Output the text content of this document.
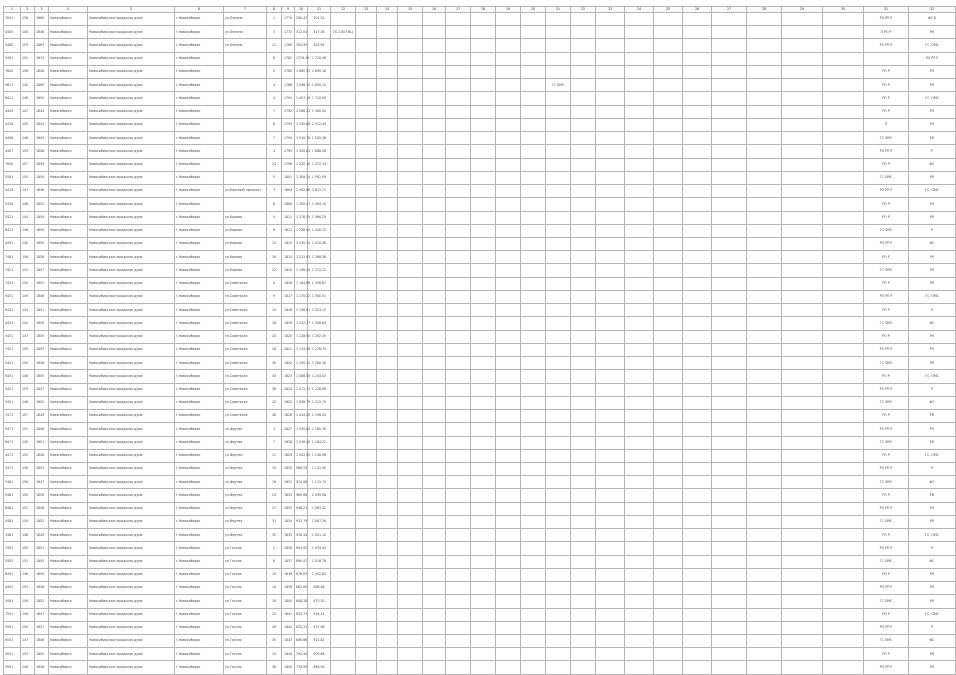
1	2	3	4	5	6	7	8	9	10	11	12	13	14	15	16	17	18	19	20	21	22	23	24	25	26	27	28	29	30	31	32
7641	158	1860	Новосибирск	Новосибирская городская дума	г.Новосибирск	ул.Ленина	1	1770	290,47	201,52																				РО РП Р	ФС Б
4400	140	1846	Новосибирск	Новосибирская городская дума	г.Новосибирск	ул.Ленина	3	1772	312,04	417,36	ПС 1007 ВЦ																			П РО Р	РК
4480	153	1863	Новосибирск	Новосибирская городская дума	г.Новосибирск	ул.Ленина	12	1780	304,95	402,65																				РО РП Р	ГС, ОМС
3491	151	1874	Новосибирск	Новосибирская городская дума	г.Новосибирск		8	1782	1729,19	1 720,48																					РО РП Р
7642	156	1848	Новосибирск	Новосибирская городская дума	г.Новосибирск		5	1785	1 680,55	1 890,18																				РО Р	РО
5611	145	1860	Новосибирск	Новосибирская городская дума	г.Новосибирск		4	1786	1 596,30	1 650,14										ГС ОМС										РО Р	РК
6411	149	1850	Новосибирск	Новосибирская городская дума	г.Новосибирск		4	1791	1 407,19	1 710,09																				РО Р	ГС, ОМС
4409	147	1844	Новосибирск	Новосибирская городская дума	г.Новосибирск		7	1792	1 286,32	1 460,45																				РО Р	РО
4416	145	1844	Новосибирск	Новосибирская городская дума	г.Новосибирск		6	1793	1 195,68	1 312,44																				П	РО
4496	148	1845	Новосибирск	Новосибирская городская дума	г.Новосибирск		7	1794	1 310,78	1 520,36																				ГС ОМС	РК
4407	153	1848	Новосибирск	Новосибирская городская дума	г.Новосибирск		4	1795	1 450,04	1 688,28																				РО РП Р	Р
7640	157	1849	Новосибирск	Новосибирская городская дума	г.Новосибирск		24	1796	1 220,18	1 372,34																				РО Р	ФС
5491	150	1854	Новосибирск	Новосибирская городская дума	г.Новосибирск		5	1801	1 389,24	1 592,09																				ГС ОМС	РК
4419	147	1846	Новосибирск	Новосибирская городская дума	г.Новосибирск	ул.Красный проспект	3	1804	1 402,86	1 611,71																				РО РП Р	ГС, ОМС
5419	146	1852	Новосибирск	Новосибирская городская дума	г.Новосибирск		8	1806	1 300,47	1 494,15																				РО Р	РО
5421	144	1849	Новосибирск	Новосибирская городская дума	г.Новосибирск	ул.Кирова	4	1811	1 278,35	1 466,25																				РО Р	РК
6421	148	1850	Новосибирск	Новосибирская городская дума	г.Новосибирск	ул.Кирова	8	1812	1 256,90	1 440,72																				ГС ОМС	Р
4491	145	1855	Новосибирск	Новосибирская городская дума	г.Новосибирск	ул.Кирова	12	1813	1 230,14	1 410,48																				РО РП Р	ФС
7461	156	1858	Новосибирск	Новосибирская городская дума	г.Новосибирск	ул.Кирова	16	1814	1 212,05	1 388,36																				РО Р	РК
7421	151	1847	Новосибирск	Новосибирская городская дума	г.Новосибирск	ул.Кирова	22	1815	1 198,40	1 372,22																				ГС ОМС	РО
7431	154	1852	Новосибирск	Новосибирская городская дума	г.Новосибирск	ул.Советская	5	1816	1 184,66	1 356,87																				РО Р	РК
5431	149	1846	Новосибирск	Новосибирская городская дума	г.Новосибирск	ул.Советская	9	1817	1 170,22	1 340,51																				РО РП Р	ГС, ОМС
6431	143	1851	Новосибирск	Новосибирская городская дума	г.Новосибирск	ул.Советская	14	1818	1 156,81	1 324,13																				РО Р	Р
4431	152	1849	Новосибирск	Новосибирская городская дума	г.Новосибирск	ул.Советская	18	1819	1 142,37	1 308,64																				ГС ОМС	ФС
3431	147	1845	Новосибирск	Новосибирская городская дума	г.Новосибирск	ул.Советская	20	1820	1 128,90	1 292,45																				РО Р	РК
7451	155	1853	Новосибирск	Новосибирская городская дума	г.Новосибирск	ул.Советская	26	1821	1 114,58	1 276,33																				РО РП Р	РО
5451	150	1848	Новосибирск	Новосибирская городская дума	г.Новосибирск	ул.Советская	30	1822	1 100,12	1 260,18																				ГС ОМС	РК
6451	146	1850	Новосибирск	Новосибирская городская дума	г.Новосибирск	ул.Советская	34	1823	1 086,45	1 244,02																				РО Р	ГС, ОМС
4451	153	1847	Новосибирск	Новосибирская городская дума	г.Новосибирск	ул.Советская	38	1824	1 072,31	1 228,86																				РО РП Р	Р
3451	148	1852	Новосибирск	Новосибирская городская дума	г.Новосибирск	ул.Советская	42	1825	1 058,79	1 212,70																				ГС ОМС	ФС
7471	157	1849	Новосибирск	Новосибирская городская дума	г.Новосибирск	ул.Советская	48	1826	1 044,26	1 196,54																				РО Р	РК
5471	151	1846	Новосибирск	Новосибирская городская дума	г.Новосибирск	ул.Фрунзе	3	1827	1 030,84	1 180,38																				РО РП Р	РО
6471	145	1851	Новосибирск	Новосибирская городская дума	г.Новосибирск	ул.Фрунзе	7	1828	1 016,40	1 164,22																				ГС ОМС	РК
4471	152	1848	Новосибирск	Новосибирская городская дума	г.Новосибирск	ул.Фрунзе	11	1829	1 002,95	1 148,06																				РО Р	ГС, ОМС
3471	149	1853	Новосибирск	Новосибирская городская дума	г.Новосибирск	ул.Фрунзе	15	1830	988,53	1 131,90																				РО РП Р	Р
7481	156	1847	Новосибирск	Новосибирская городская дума	г.Новосибирск	ул.Фрунзе	19	1831	974,08	1 115,74																				ГС ОМС	ФС
5481	150	1850	Новосибирск	Новосибирская городская дума	г.Новосибирск	ул.Фрунзе	23	1832	960,66	1 099,58																				РО Р	РК
6481	147	1846	Новосибирск	Новосибирская городская дума	г.Новосибирск	ул.Фрунзе	27	1833	946,21	1 083,42																				РО РП Р	РО
4481	154	1852	Новосибирск	Новосибирская городская дума	г.Новосибирск	ул.Фрунзе	31	1834	932,79	1 067,26																				ГС ОМС	РК
3481	148	1849	Новосибирск	Новосибирская городская дума	г.Новосибирск	ул.Фрунзе	35	1835	918,34	1 051,10																				РО Р	ГС, ОМС
7491	155	1851	Новосибирск	Новосибирская городская дума	г.Новосибирск	ул.Гоголя	2	1836	904,92	1 034,94																				РО РП Р	Р
5492	151	1845	Новосибирск	Новосибирская городская дума	г.Новосибирск	ул.Гоголя	6	1837	890,47	1 018,78																				ГС ОМС	ФС
6491	146	1850	Новосибирск	Новосибирская городская дума	г.Новосибирск	ул.Гоголя	10	1838	876,05	1 002,62																				РО Р	РК
4492	153	1848	Новосибирск	Новосибирская городская дума	г.Новосибирск	ул.Гоголя	14	1839	862,60	986,46																				РО РП Р	РО
3491	149	1852	Новосибирск	Новосибирская городская дума	г.Новосибирск	ул.Гоголя	18	1840	848,18	970,30																				ГС ОМС	РК
7501	156	1847	Новосибирск	Новосибирская городская дума	г.Новосибирск	ул.Гоголя	22	1841	834,73	954,14																				РО Р	ГС, ОМС
5501	150	1851	Новосибирск	Новосибирская городская дума	г.Новосибирск	ул.Гоголя	26	1842	820,31	937,98																				РО РП Р	Р
6501	147	1846	Новосибирск	Новосибирская городская дума	г.Новосибирск	ул.Гоголя	30	1843	806,86	921,82																				ГС ОМС	ФС
4501	153	1850	Новосибирск	Новосибирская городская дума	г.Новосибирск	ул.Гоголя	34	1844	792,44	905,66																				РО Р	РК
3501	148	1848	Новосибирск	Новосибирская городская дума	г.Новосибирск	ул.Гоголя	38	1845	778,99	889,50																				РО РП Р	РО
